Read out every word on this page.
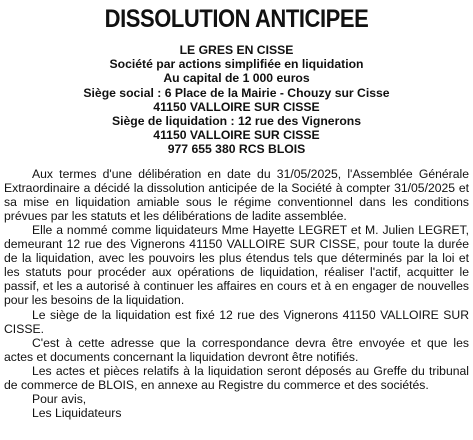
DISSOLUTION ANTICIPEE
LE GRES EN CISSE
Société par actions simplifiée en liquidation
Au capital de 1 000 euros
Siège social : 6 Place de la Mairie - Chouzy sur Cisse
41150 VALLOIRE SUR CISSE
Siège de liquidation : 12 rue des Vignerons
41150 VALLOIRE SUR CISSE
977 655 380 RCS BLOIS

Aux termes d'une délibération en date du 31/05/2025, l'Assemblée Générale Extraordinaire a décidé la dissolution anticipée de la Société à compter 31/05/2025 et sa mise en liquidation amiable sous le régime conventionnel dans les conditions prévues par les statuts et les délibérations de ladite assemblée.

Elle a nommé comme liquidateurs Mme Hayette LEGRET et M. Julien LEGRET, demeurant 12 rue des Vignerons 41150 VALLOIRE SUR CISSE, pour toute la durée de la liquidation, avec les pouvoirs les plus étendus tels que déterminés par la loi et les statuts pour procéder aux opérations de liquidation, réaliser l'actif, acquitter le passif, et les a autorisé à continuer les affaires en cours et à en engager de nouvelles pour les besoins de la liquidation.

Le siège de la liquidation est fixé 12 rue des Vignerons 41150 VALLOIRE SUR CISSE.

C'est à cette adresse que la correspondance devra être envoyée et que les actes et documents concernant la liquidation devront être notifiés.

Les actes et pièces relatifs à la liquidation seront déposés au Greffe du tribunal de commerce de BLOIS, en annexe au Registre du commerce et des sociétés.

Pour avis,

Les Liquidateurs
